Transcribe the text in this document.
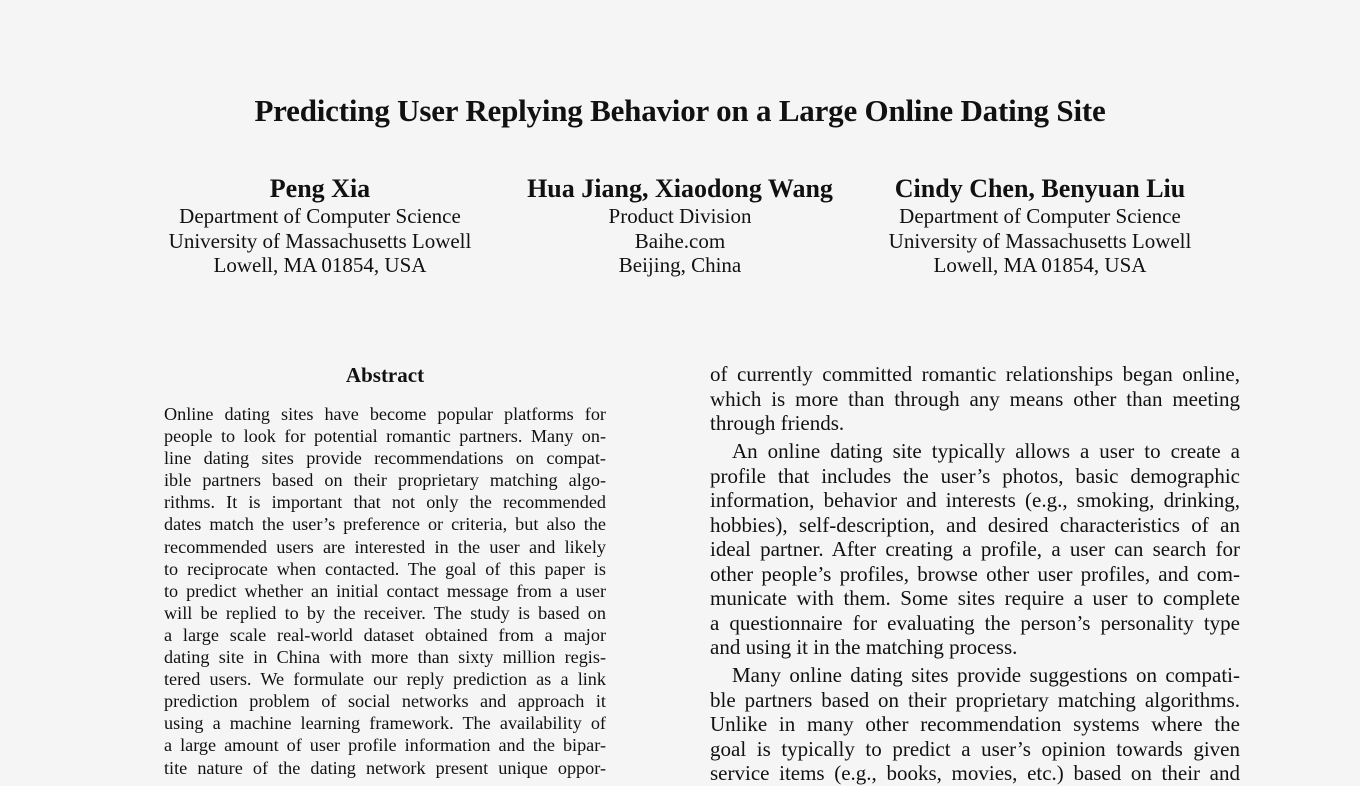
Predicting User Replying Behavior on a Large Online Dating Site
Peng Xia
Department of Computer Science
University of Massachusetts Lowell
Lowell, MA 01854, USA
Hua Jiang, Xiaodong Wang
Product Division
Baihe.com
Beijing, China
Cindy Chen, Benyuan Liu
Department of Computer Science
University of Massachusetts Lowell
Lowell, MA 01854, USA
Abstract
Online dating sites have become popular platforms for
people to look for potential romantic partners. Many on-
line dating sites provide recommendations on compat-
ible partners based on their proprietary matching algo-
rithms. It is important that not only the recommended
dates match the user’s preference or criteria, but also the
recommended users are interested in the user and likely
to reciprocate when contacted. The goal of this paper is
to predict whether an initial contact message from a user
will be replied to by the receiver. The study is based on
a large scale real-world dataset obtained from a major
dating site in China with more than sixty million regis-
tered users. We formulate our reply prediction as a link
prediction problem of social networks and approach it
using a machine learning framework. The availability of
a large amount of user profile information and the bipar-
tite nature of the dating network present unique oppor-
of currently committed romantic relationships began online,
which is more than through any means other than meeting
through friends.
An online dating site typically allows a user to create a
profile that includes the user’s photos, basic demographic
information, behavior and interests (e.g., smoking, drinking,
hobbies), self-description, and desired characteristics of an
ideal partner. After creating a profile, a user can search for
other people’s profiles, browse other user profiles, and com-
municate with them. Some sites require a user to complete
a questionnaire for evaluating the person’s personality type
and using it in the matching process.
Many online dating sites provide suggestions on compati-
ble partners based on their proprietary matching algorithms.
Unlike in many other recommendation systems where the
goal is typically to predict a user’s opinion towards given
service items (e.g., books, movies, etc.) based on their and
